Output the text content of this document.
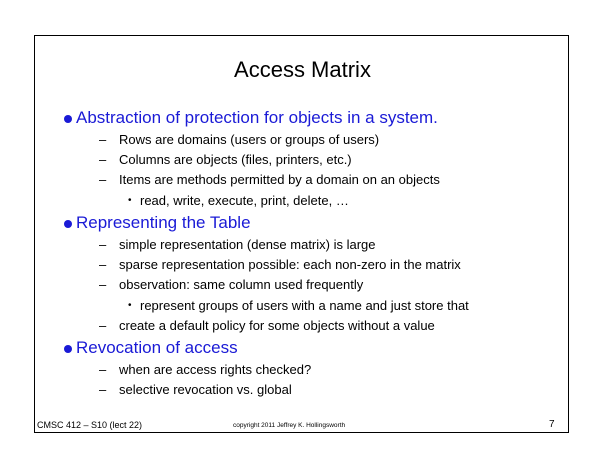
Access Matrix
Abstraction of protection for objects in a system.
– Rows are domains (users or groups of users)
– Columns are objects (files, printers, etc.)
– Items are methods permitted by a domain on an objects
• read, write, execute, print, delete, …
Representing the Table
– simple representation (dense matrix) is large
– sparse representation possible: each non-zero in the matrix
– observation: same column used frequently
• represent groups of users with a name and just store that
– create a default policy for some objects without a value
Revocation of access
– when are access rights checked?
– selective revocation vs. global
CMSC 412 – S10 (lect 22)	copyright 2011 Jeffrey K. Hollingsworth	7
